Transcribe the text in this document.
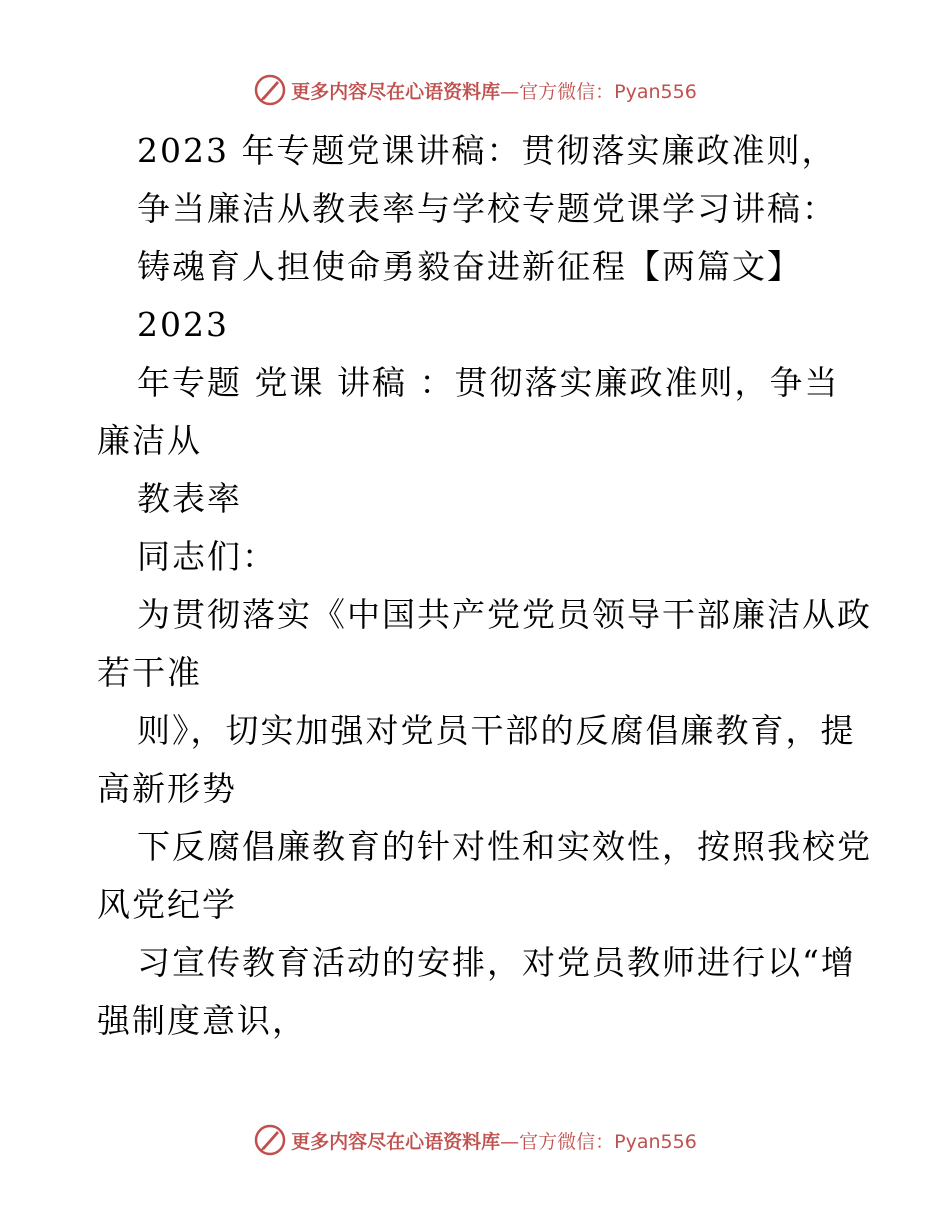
更多内容尽在心语资料库—官方微信：Pyan556
2023 年专题党课讲稿：贯彻落实廉政准则，
争当廉洁从教表率与学校专题党课学习讲稿：
铸魂育人担使命勇毅奋进新征程【两篇文】
2023
年专题 党课 讲稿 ：贯彻落实廉政准则，争当
廉洁从
教表率
同志们：
为贯彻落实《中国共产党党员领导干部廉洁从政
若干准
则》，切实加强对党员干部的反腐倡廉教育，提
高新形势
下反腐倡廉教育的针对性和实效性，按照我校党
风党纪学
习宣传教育活动的安排，对党员教师进行以“增
强制度意识，
更多内容尽在心语资料库—官方微信：Pyan556
